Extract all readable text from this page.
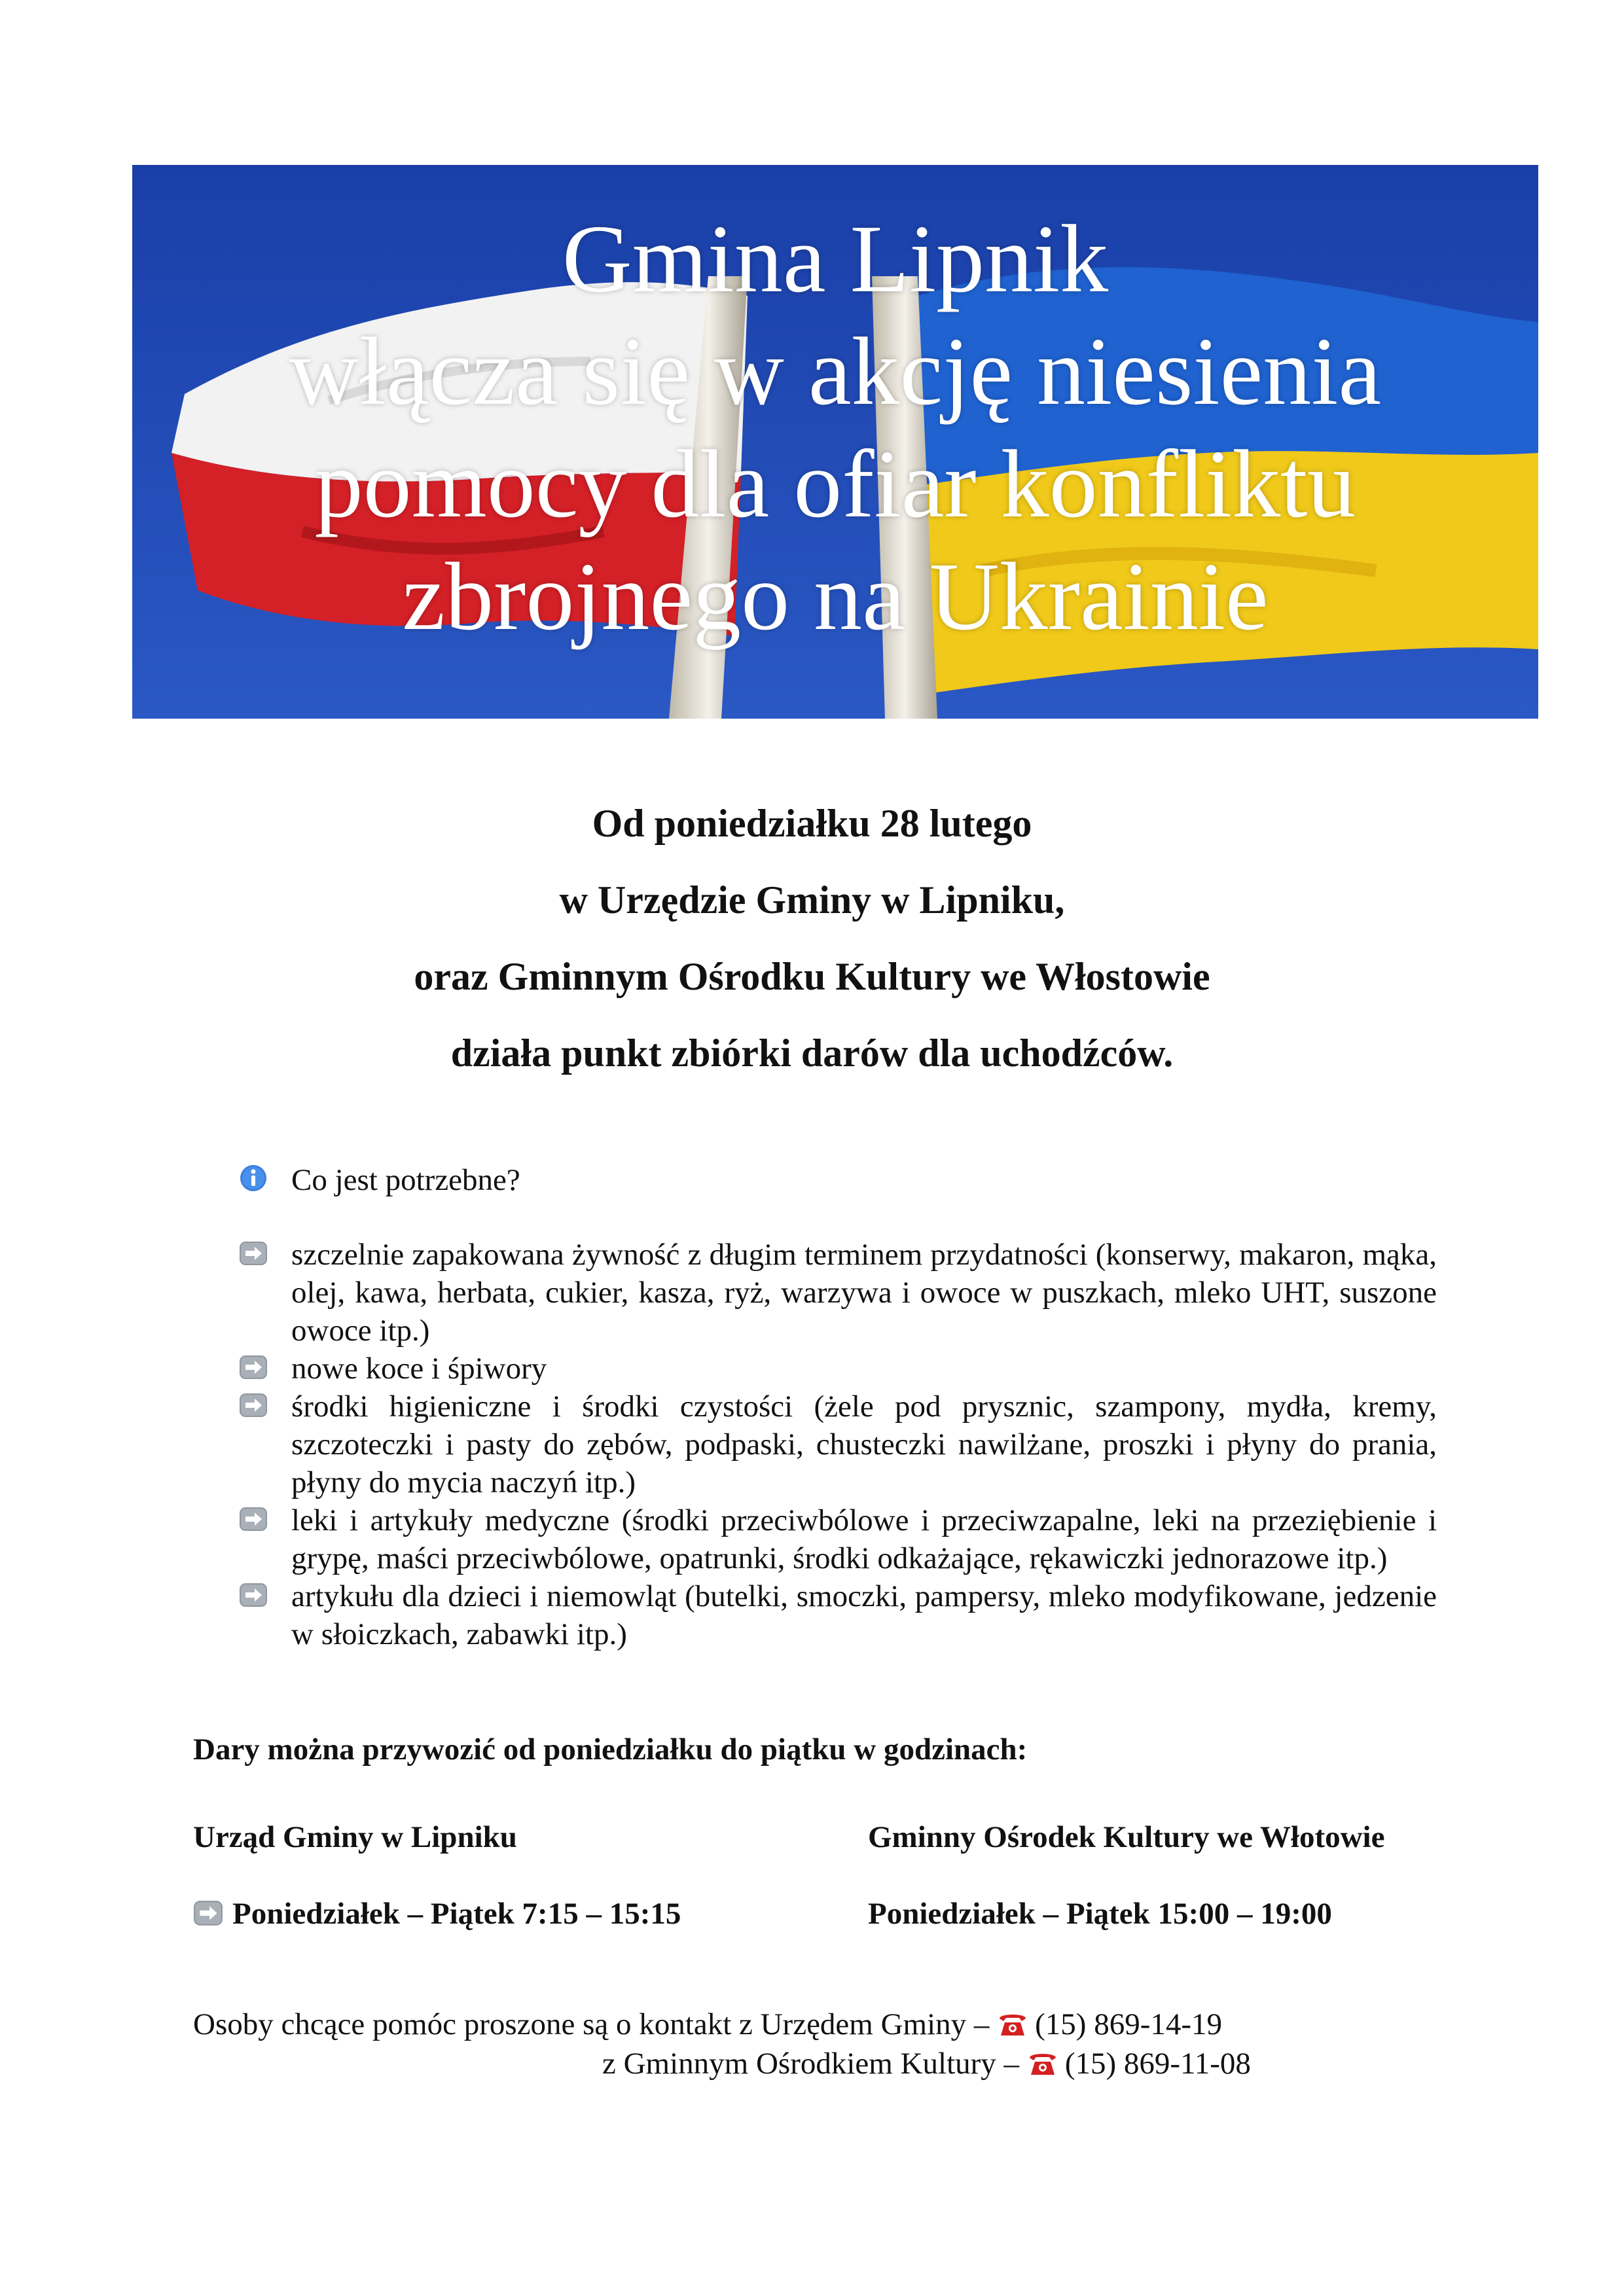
Gmina Lipnik
włącza się w akcję niesienia
pomocy dla ofiar konfliktu
zbrojnego na Ukrainie
Od poniedziałku 28 lutego
w Urzędzie Gminy w Lipniku,
oraz Gminnym Ośrodku Kultury we Włostowie
działa punkt zbiórki darów dla uchodźców.
Co jest potrzebne?
szczelnie zapakowana żywność z długim terminem przydatności (konserwy, makaron, mąka, olej, kawa, herbata, cukier, kasza, ryż, warzywa i owoce w puszkach, mleko UHT, suszone owoce itp.)
nowe koce i śpiwory
środki higieniczne i środki czystości (żele pod prysznic, szampony, mydła, kremy, szczoteczki i pasty do zębów, podpaski, chusteczki nawilżane, proszki i płyny do prania, płyny do mycia naczyń itp.)
leki i artykuły medyczne (środki przeciwbólowe i przeciwzapalne, leki na przeziębienie i grypę, maści przeciwbólowe, opatrunki, środki odkażające, rękawiczki jednorazowe itp.)
artykułu dla dzieci i niemowląt (butelki, smoczki, pampersy, mleko modyfikowane, jedzenie w słoiczkach, zabawki itp.)
Dary można przywozić od poniedziałku do piątku w godzinach:
Urząd Gminy w Lipniku	Gminny Ośrodek Kultury we Włotowie
Poniedziałek – Piątek 7:15 – 15:15	Poniedziałek – Piątek 15:00 – 19:00
Osoby chcące pomóc proszone są o kontakt z Urzędem Gminy – (15) 869-14-19
z Gminnym Ośrodkiem Kultury – (15) 869-11-08
